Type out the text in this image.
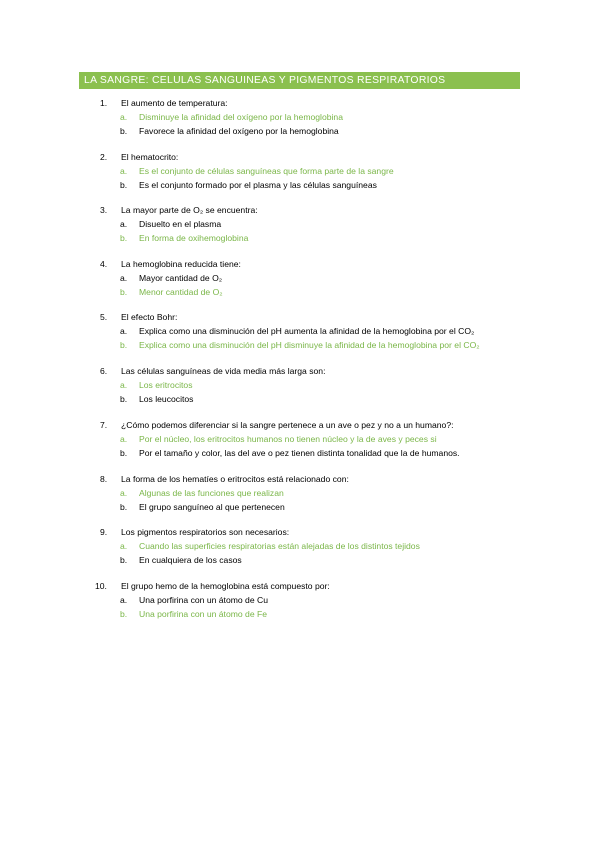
LA SANGRE: CELULAS SANGUINEAS Y PIGMENTOS RESPIRATORIOS
1. El aumento de temperatura:
a. Disminuye la afinidad del oxígeno por la hemoglobina
b. Favorece la afinidad del oxígeno por la hemoglobina
2. El hematocrito:
a. Es el conjunto de células sanguíneas que forma parte de la sangre
b. Es el conjunto formado por el plasma y las células sanguíneas
3. La mayor parte de O₂ se encuentra:
a. Disuelto en el plasma
b. En forma de oxihemoglobina
4. La hemoglobina reducida tiene:
a. Mayor cantidad de O₂
b. Menor cantidad de O₂
5. El efecto Bohr:
a. Explica como una disminución del pH aumenta la afinidad de la hemoglobina por el CO₂
b. Explica como una disminución del pH disminuye la afinidad de la hemoglobina por el CO₂
6. Las células sanguíneas de vida media más larga son:
a. Los eritrocitos
b. Los leucocitos
7. ¿Cómo podemos diferenciar si la sangre pertenece a un ave o pez y no a un humano?:
a. Por el núcleo, los eritrocitos humanos no tienen núcleo y la de aves y peces si
b. Por el tamaño y color, las del ave o pez tienen distinta tonalidad que la de humanos.
8. La forma de los hematíes o eritrocitos está relacionado con:
a. Algunas de las funciones que realizan
b. El grupo sanguíneo al que pertenecen
9. Los pigmentos respiratorios son necesarios:
a. Cuando las superficies respiratorias están alejadas de los distintos tejidos
b. En cualquiera de los casos
10. El grupo hemo de la hemoglobina está compuesto por:
a. Una porfirina con un átomo de Cu
b. Una porfirina con un átomo de Fe
